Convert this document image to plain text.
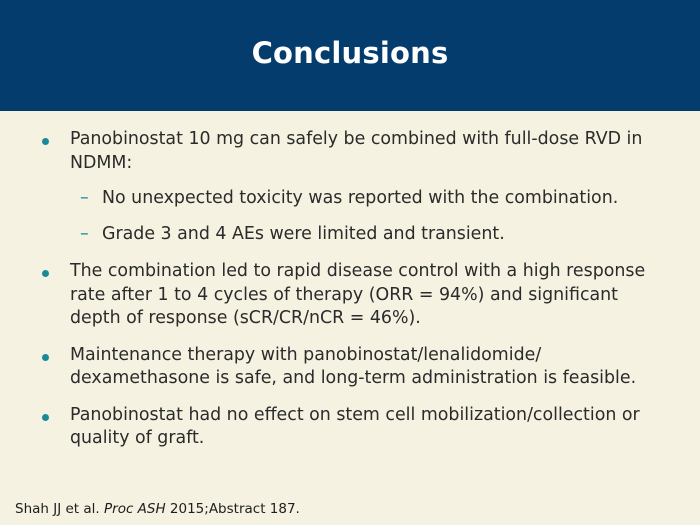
Conclusions
Panobinostat 10 mg can safely be combined with full-dose RVD in NDMM:
– No unexpected toxicity was reported with the combination.
– Grade 3 and 4 AEs were limited and transient.
The combination led to rapid disease control with a high response rate after 1 to 4 cycles of therapy (ORR = 94%) and significant depth of response (sCR/CR/nCR = 46%).
Maintenance therapy with panobinostat/lenalidomide/ dexamethasone is safe, and long-term administration is feasible.
Panobinostat had no effect on stem cell mobilization/collection or quality of graft.
Shah JJ et al. Proc ASH 2015;Abstract 187.
